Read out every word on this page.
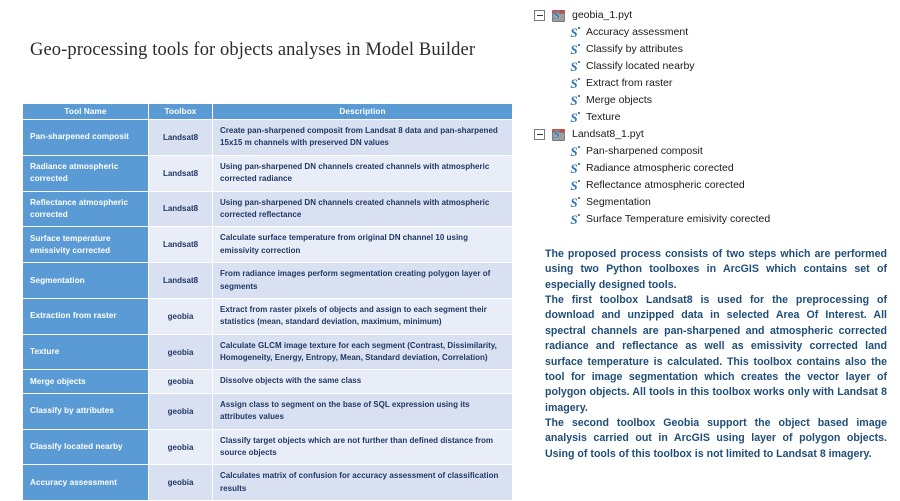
Geo-processing tools for objects analyses in Model Builder
Tool Name	Toolbox	Description
Pan-sharpened composit	Landsat8	Create pan-sharpened composit from Landsat 8 data and pan-sharpened 15x15 m channels with preserved DN values
Radiance atmospheric corrected	Landsat8	Using pan-sharpened DN channels created channels with atmospheric corrected radiance
Reflectance atmospheric corrected	Landsat8	Using pan-sharpened DN channels created channels with atmospheric corrected reflectance
Surface temperature emissivity corrected	Landsat8	Calculate surface temperature from original DN channel 10 using emissivity correction
Segmentation	Landsat8	From radiance images perform segmentation creating polygon layer of segments
Extraction from raster	geobia	Extract from raster pixels of objects and assign to each segment their statistics (mean, standard deviation, maximum, minimum)
Texture	geobia	Calculate GLCM image texture for each segment (Contrast, Dissimilarity, Homogeneity, Energy, Entropy, Mean, Standard deviation, Correlation)
Merge objects	geobia	Dissolve objects with the same class
Classify by attributes	geobia	Assign class to segment on the base of SQL expression using its attributes values
Classify located nearby	geobia	Classify target objects which are not further than defined distance from source objects
Accuracy assessment	geobia	Calculates matrix of confusion for accuracy assessment of classification results
S geobia_1.pyt
S Accuracy assessment
S Classify by attributes
S Classify located nearby
S Extract from raster
S Merge objects
S Texture
S Landsat8_1.pyt
S Pan-sharpened composit
S Radiance atmospheric corected
S Reflectance atmospheric corected
S Segmentation
S Surface Temperature emisivity corected

The proposed process consists of two steps which are performed using two Python toolboxes in ArcGIS which contains set of especially designed tools.

The first toolbox Landsat8 is used for the preprocessing of download and unzipped data in selected Area Of Interest. All spectral channels are pan-sharpened and atmospheric corrected radiance and reflectance as well as emissivity corrected land surface temperature is calculated. This toolbox contains also the tool for image segmentation which creates the vector layer of polygon objects. All tools in this toolbox works only with Landsat 8 imagery.

The second toolbox Geobia support the object based image analysis carried out in ArcGIS using layer of polygon objects. Using of tools of this toolbox is not limited to Landsat 8 imagery.
